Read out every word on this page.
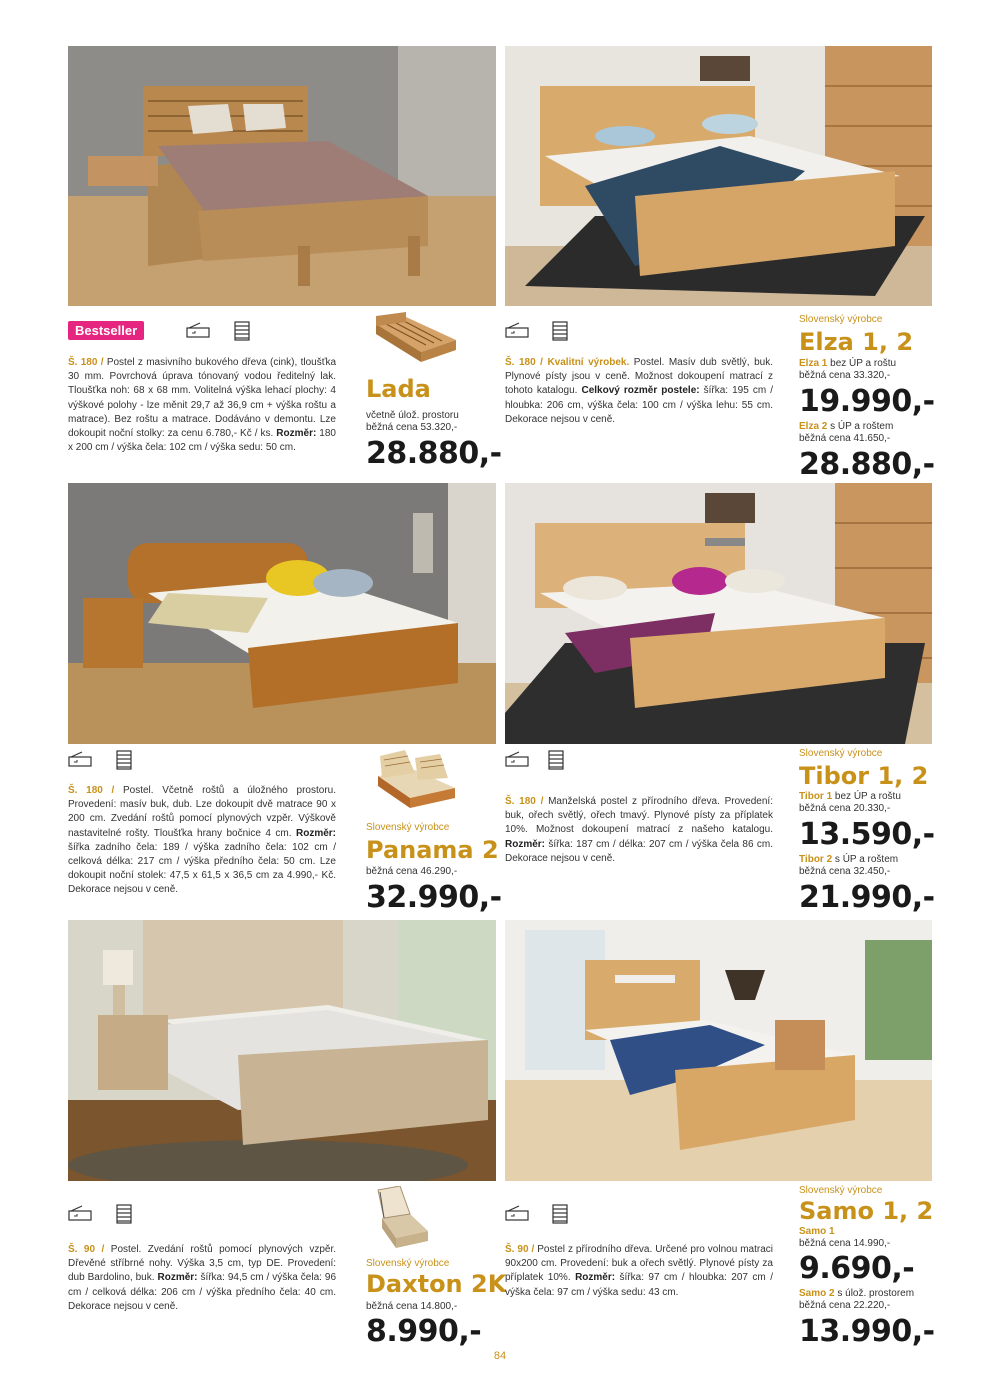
Bestseller
Š. 180 / Postel z masivního bukového dřeva (cink), tloušťka 30 mm. Povrchová úprava tónovaný vodou ředitelný lak. Tloušťka noh: 68 x 68 mm. Volitelná výška lehací plochy: 4 výškové polohy - lze měnit 29,7 až 36,9 cm + výška roštu a matrace). Bez roštu a matrace. Dodáváno v demontu. Lze dokoupit noční stolky: za cenu 6.780,- Kč / ks. Rozměr: 180 x 200 cm / výška čela: 102 cm / výška sedu: 50 cm.
Lada
včetně úlož. prostoru
běžná cena 53.320,-
28.880,-
Š. 180 / Kvalitní výrobek. Postel. Masív dub světlý, buk. Plynové písty jsou v ceně. Možnost dokoupení matrací z tohoto katalogu. Celkový rozměr postele: šířka: 195 cm / hloubka: 206 cm, výška čela: 100 cm / výška lehu: 55 cm. Dekorace nejsou v ceně.
Slovenský výrobce
Elza 1, 2
Elza 1 bez ÚP a roštu
běžná cena 33.320,-
19.990,-
Elza 2 s ÚP a roštem
běžná cena 41.650,-
28.880,-
Š. 180 / Postel. Včetně roštů a úložného prostoru. Provedení: masív buk, dub. Lze dokoupit dvě matrace 90 x 200 cm. Zvedání roštů pomocí plynových vzpěr. Výškově nastavitelné rošty. Tloušťka hrany bočnice 4 cm. Rozměr: šířka zadního čela: 189 / výška zadního čela: 102 cm / celková délka: 217 cm / výška předního čela: 50 cm. Lze dokoupit noční stolek: 47,5 x 61,5 x 36,5 cm za 4.990,- Kč. Dekorace nejsou v ceně.
Slovenský výrobce
Panama 2
běžná cena 46.290,-
32.990,-
Š. 180 / Manželská postel z přírodního dřeva. Provedení: buk, ořech světlý, ořech tmavý. Plynové písty za příplatek 10%. Možnost dokoupení matrací z našeho katalogu. Rozměr: šířka: 187 cm / délka: 207 cm / výška čela 86 cm. Dekorace nejsou v ceně.
Slovenský výrobce
Tibor 1, 2
Tibor 1 bez ÚP a roštu
běžná cena 20.330,-
13.590,-
Tibor 2 s ÚP a roštem
běžná cena 32.450,-
21.990,-
Š. 90 / Postel. Zvedání roštů pomocí plynových vzpěr. Dřevěné stříbrné nohy. Výška 3,5 cm, typ DE. Provedení: dub Bardolino, buk. Rozměr: šířka: 94,5 cm / výška čela: 96 cm / celková délka: 206 cm / výška předního čela: 40 cm. Dekorace nejsou v ceně.
Slovenský výrobce
Daxton 2K
běžná cena 14.800,-
8.990,-
Š. 90 / Postel z přírodního dřeva. Určené pro volnou matraci 90x200 cm. Provedení: buk a ořech světlý. Plynové písty za příplatek 10%. Rozměr: šířka: 97 cm / hloubka: 207 cm / výška čela: 97 cm / výška sedu: 43 cm.
Slovenský výrobce
Samo 1, 2
Samo 1
běžná cena 14.990,-
9.690,-
Samo 2 s úlož. prostorem
běžná cena 22.220,-
13.990,-
84
